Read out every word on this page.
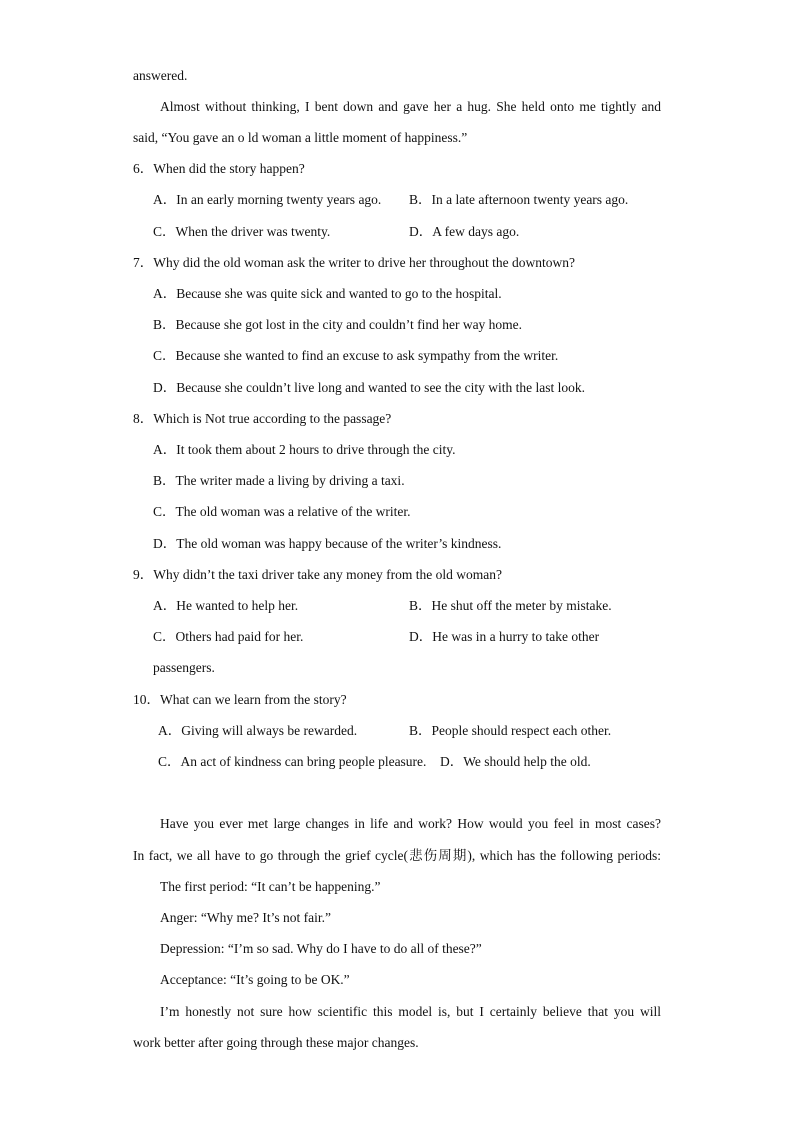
answered.
Almost without thinking, I bent down and gave her a hug. She held onto me tightly and
said, “You gave an o ld woman a little moment of happiness.”
6．When did the story happen?
A．In an early morning twenty years ago.	B．In a late afternoon twenty years ago.
C．When the driver was twenty.	D．A few days ago.
7．Why did the old woman ask the writer to drive her throughout the downtown?
A．Because she was quite sick and wanted to go to the hospital.
B．Because she got lost in the city and couldn’t find her way home.
C．Because she wanted to find an excuse to ask sympathy from the writer.
D．Because she couldn’t live long and wanted to see the city with the last look.
8．Which is Not true according to the passage?
A．It took them about 2 hours to drive through the city.
B．The writer made a living by driving a taxi.
C．The old woman was a relative of the writer.
D．The old woman was happy because of the writer’s kindness.
9．Why didn’t the taxi driver take any money from the old woman?
A．He wanted to help her.	B．He shut off the meter by mistake.
C．Others had paid for her.	D．He was in a hurry to take other
passengers.
10．What can we learn from the story?
A．Giving will always be rewarded.	B．People should respect each other.
C．An act of kindness can bring people pleasure.	D．We should help the old.
Have you ever met large changes in life and work? How would you feel in most cases?
In fact, we all have to go through the grief cycle(悲伤周期), which has the following periods:
The first period: “It can’t be happening.”
Anger: “Why me? It’s not fair.”
Depression: “I’m so sad. Why do I have to do all of these?”
Acceptance: “It’s going to be OK.”
I’m honestly not sure how scientific this model is, but I certainly believe that you will
work better after going through these major changes.
